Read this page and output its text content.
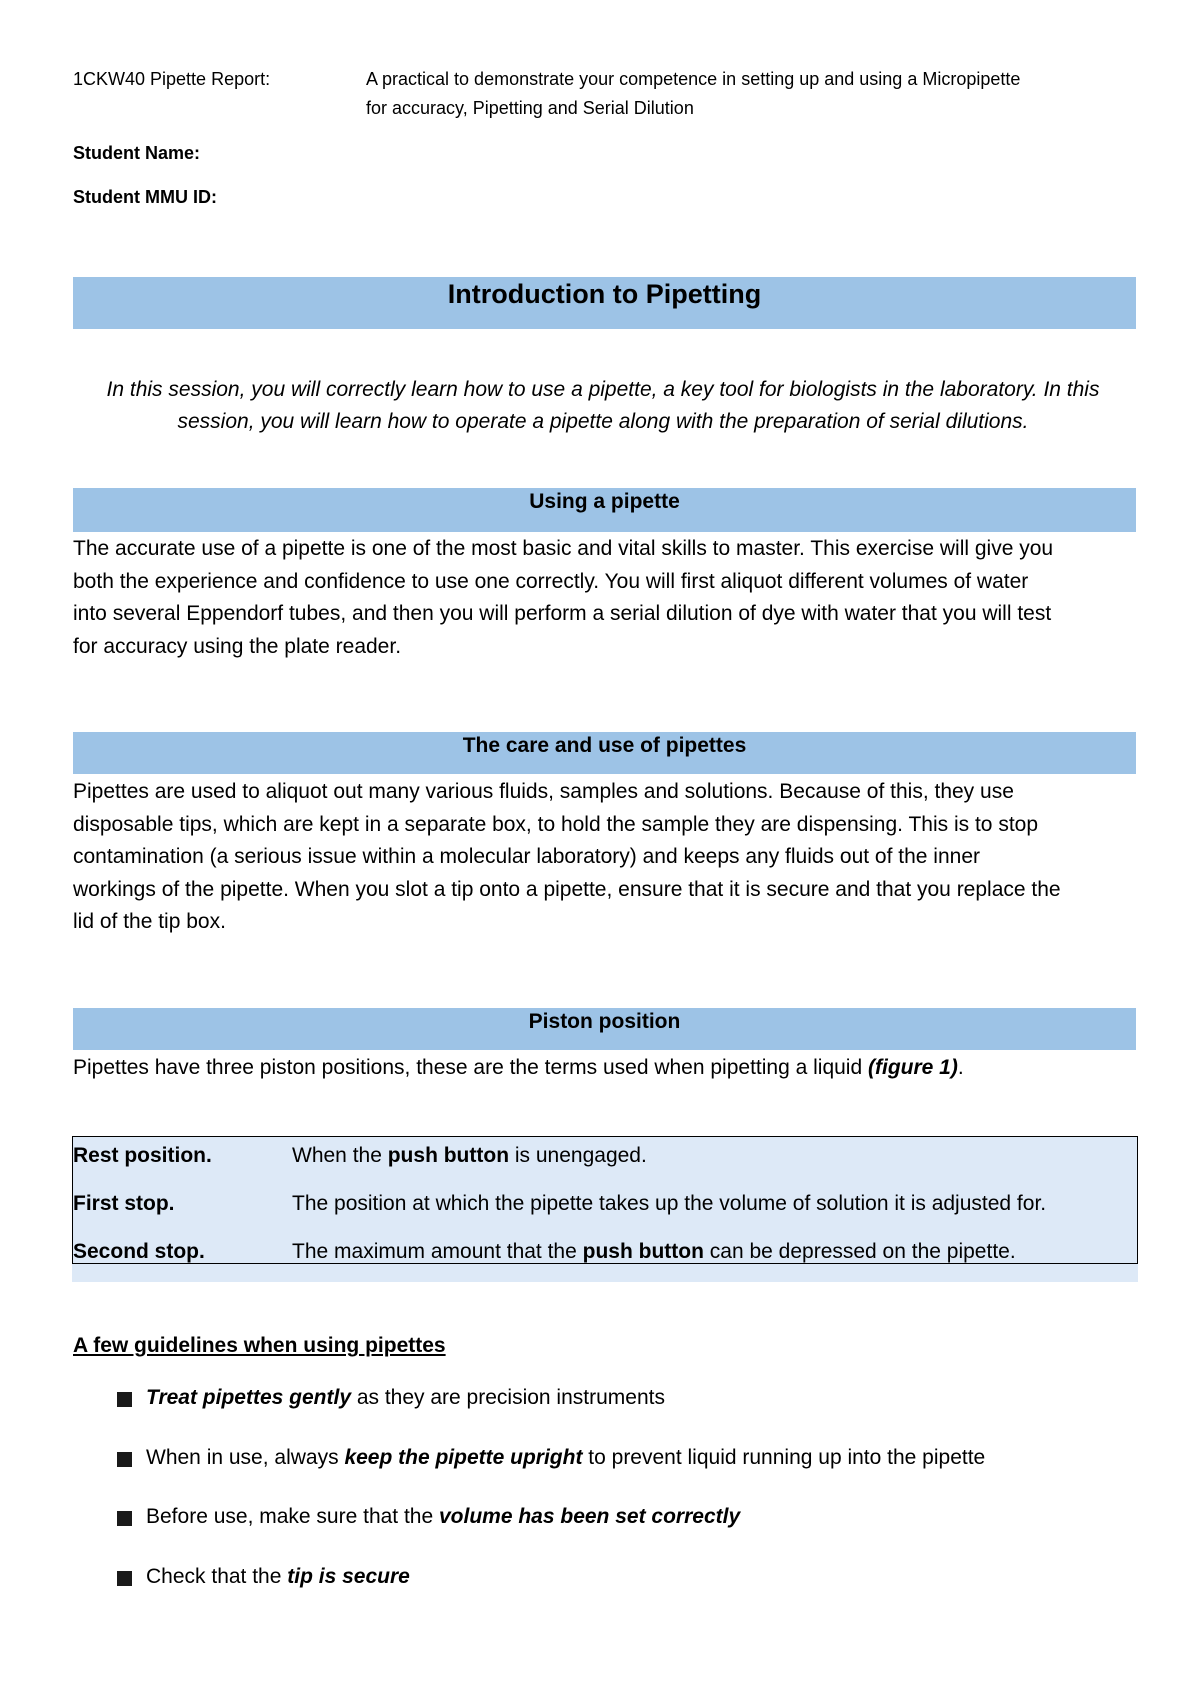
1CKW40 Pipette Report:	A practical to demonstrate your competence in setting up and using a Micropipette
for accuracy, Pipetting and Serial Dilution
Student Name:
Student MMU ID:
Introduction to Pipetting
In this session, you will correctly learn how to use a pipette, a key tool for biologists in the laboratory. In this
session, you will learn how to operate a pipette along with the preparation of serial dilutions.
Using a pipette
The accurate use of a pipette is one of the most basic and vital skills to master. This exercise will give you
both the experience and confidence to use one correctly. You will first aliquot different volumes of water
into several Eppendorf tubes, and then you will perform a serial dilution of dye with water that you will test
for accuracy using the plate reader.
The care and use of pipettes
Pipettes are used to aliquot out many various fluids, samples and solutions. Because of this, they use
disposable tips, which are kept in a separate box, to hold the sample they are dispensing. This is to stop
contamination (a serious issue within a molecular laboratory) and keeps any fluids out of the inner
workings of the pipette. When you slot a tip onto a pipette, ensure that it is secure and that you replace the
lid of the tip box.
Piston position
Pipettes have three piston positions, these are the terms used when pipetting a liquid (figure 1).
Rest position.	When the push button is unengaged.
First stop.	The position at which the pipette takes up the volume of solution it is adjusted for.
Second stop.	The maximum amount that the push button can be depressed on the pipette.
A few guidelines when using pipettes
Treat pipettes gently as they are precision instruments
When in use, always keep the pipette upright to prevent liquid running up into the pipette
Before use, make sure that the volume has been set correctly
Check that the tip is secure
